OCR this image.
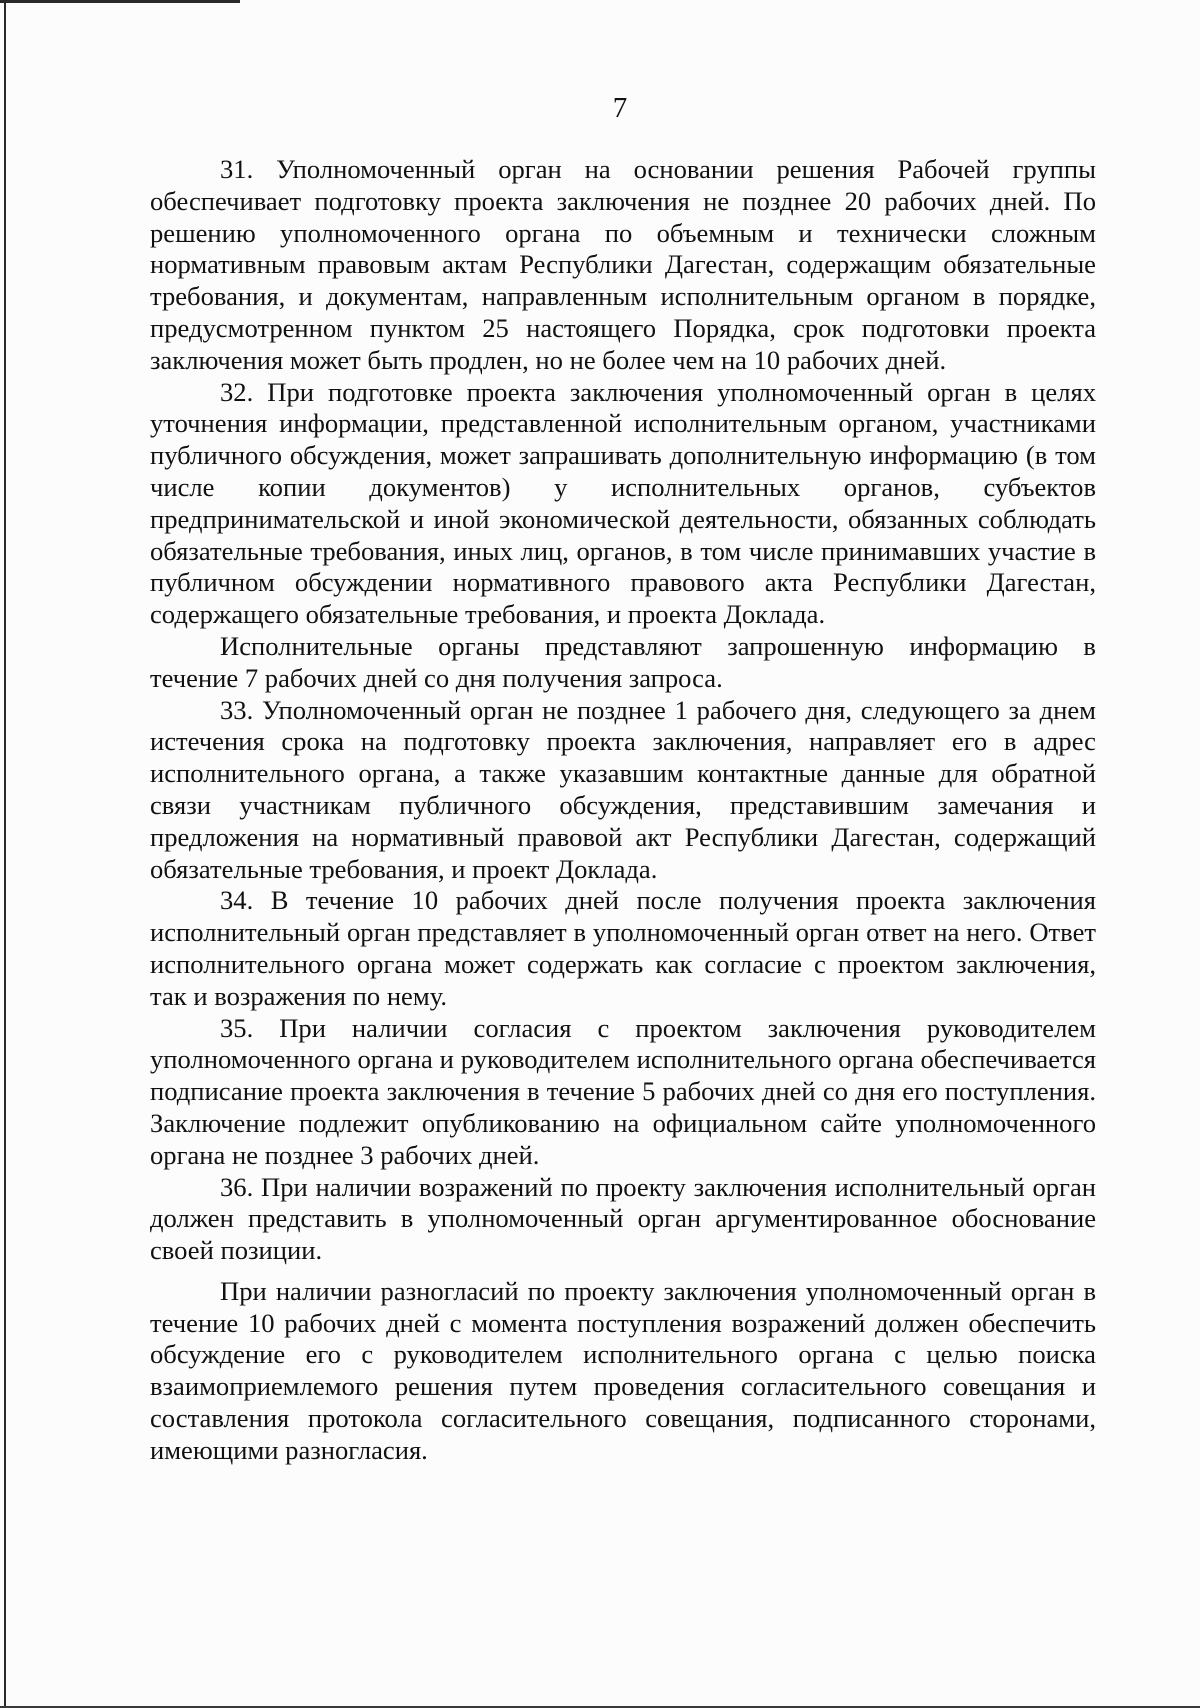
7

31. Уполномоченный орган на основании решения Рабочей группы обеспечивает подготовку проекта заключения не позднее 20 рабочих дней. По решению уполномоченного органа по объемным и технически сложным нормативным правовым актам Республики Дагестан, содержащим обязательные требования, и документам, направленным исполнительным органом в порядке, предусмотренном пунктом 25 настоящего Порядка, срок подготовки проекта заключения может быть продлен, но не более чем на 10 рабочих дней.

32. При подготовке проекта заключения уполномоченный орган в целях уточнения информации, представленной исполнительным органом, участниками публичного обсуждения, может запрашивать дополнительную информацию (в том числе копии документов) у исполнительных органов, субъектов предпринимательской и иной экономической деятельности, обязанных соблюдать обязательные требования, иных лиц, органов, в том числе принимавших участие в публичном обсуждении нормативного правового акта Республики Дагестан, содержащего обязательные требования, и проекта Доклада.

Исполнительные органы представляют запрошенную информацию в течение 7 рабочих дней со дня получения запроса.

33. Уполномоченный орган не позднее 1 рабочего дня, следующего за днем истечения срока на подготовку проекта заключения, направляет его в адрес исполнительного органа, а также указавшим контактные данные для обратной связи участникам публичного обсуждения, представившим замечания и предложения на нормативный правовой акт Республики Дагестан, содержащий обязательные требования, и проект Доклада.

34. В течение 10 рабочих дней после получения проекта заключения исполнительный орган представляет в уполномоченный орган ответ на него. Ответ исполнительного органа может содержать как согласие с проектом заключения, так и возражения по нему.

35. При наличии согласия с проектом заключения руководителем уполномоченного органа и руководителем исполнительного органа обеспечивается подписание проекта заключения в течение 5 рабочих дней со дня его поступления. Заключение подлежит опубликованию на официальном сайте уполномоченного органа не позднее 3 рабочих дней.

36. При наличии возражений по проекту заключения исполнительный орган должен представить в уполномоченный орган аргументированное обоснование своей позиции.

При наличии разногласий по проекту заключения уполномоченный орган в течение 10 рабочих дней с момента поступления возражений должен обеспечить обсуждение его с руководителем исполнительного органа с целью поиска взаимоприемлемого решения путем проведения согласительного совещания и составления протокола согласительного совещания, подписанного сторонами, имеющими разногласия.
